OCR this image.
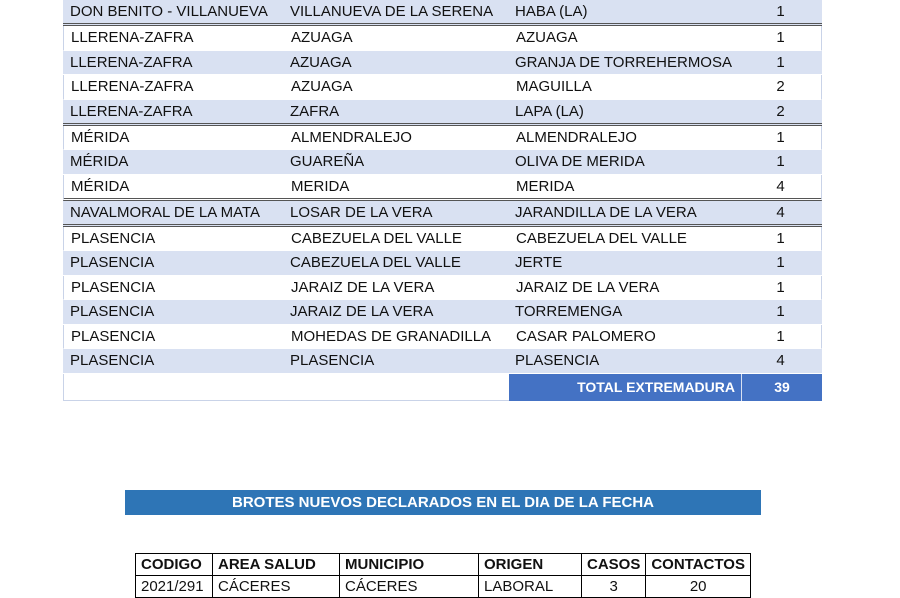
DON BENITO - VILLANUEVA	VILLANUEVA DE LA SERENA	HABA (LA)	1
LLERENA-ZAFRA	AZUAGA	AZUAGA	1
LLERENA-ZAFRA	AZUAGA	GRANJA DE TORREHERMOSA	1
LLERENA-ZAFRA	AZUAGA	MAGUILLA	2
LLERENA-ZAFRA	ZAFRA	LAPA (LA)	2
MÉRIDA	ALMENDRALEJO	ALMENDRALEJO	1
MÉRIDA	GUAREÑA	OLIVA DE MERIDA	1
MÉRIDA	MERIDA	MERIDA	4
NAVALMORAL DE LA MATA	LOSAR DE LA VERA	JARANDILLA DE LA VERA	4
PLASENCIA	CABEZUELA DEL VALLE	CABEZUELA DEL VALLE	1
PLASENCIA	CABEZUELA DEL VALLE	JERTE	1
PLASENCIA	JARAIZ DE LA VERA	JARAIZ DE LA VERA	1
PLASENCIA	JARAIZ DE LA VERA	TORREMENGA	1
PLASENCIA	MOHEDAS DE GRANADILLA	CASAR PALOMERO	1
PLASENCIA	PLASENCIA	PLASENCIA	4
TOTAL EXTREMADURA	39
BROTES NUEVOS DECLARADOS EN EL DIA DE LA FECHA
CODIGO	AREA SALUD	MUNICIPIO	ORIGEN	CASOS	CONTACTOS
2021/291	CÁCERES	CÁCERES	LABORAL	3	20
